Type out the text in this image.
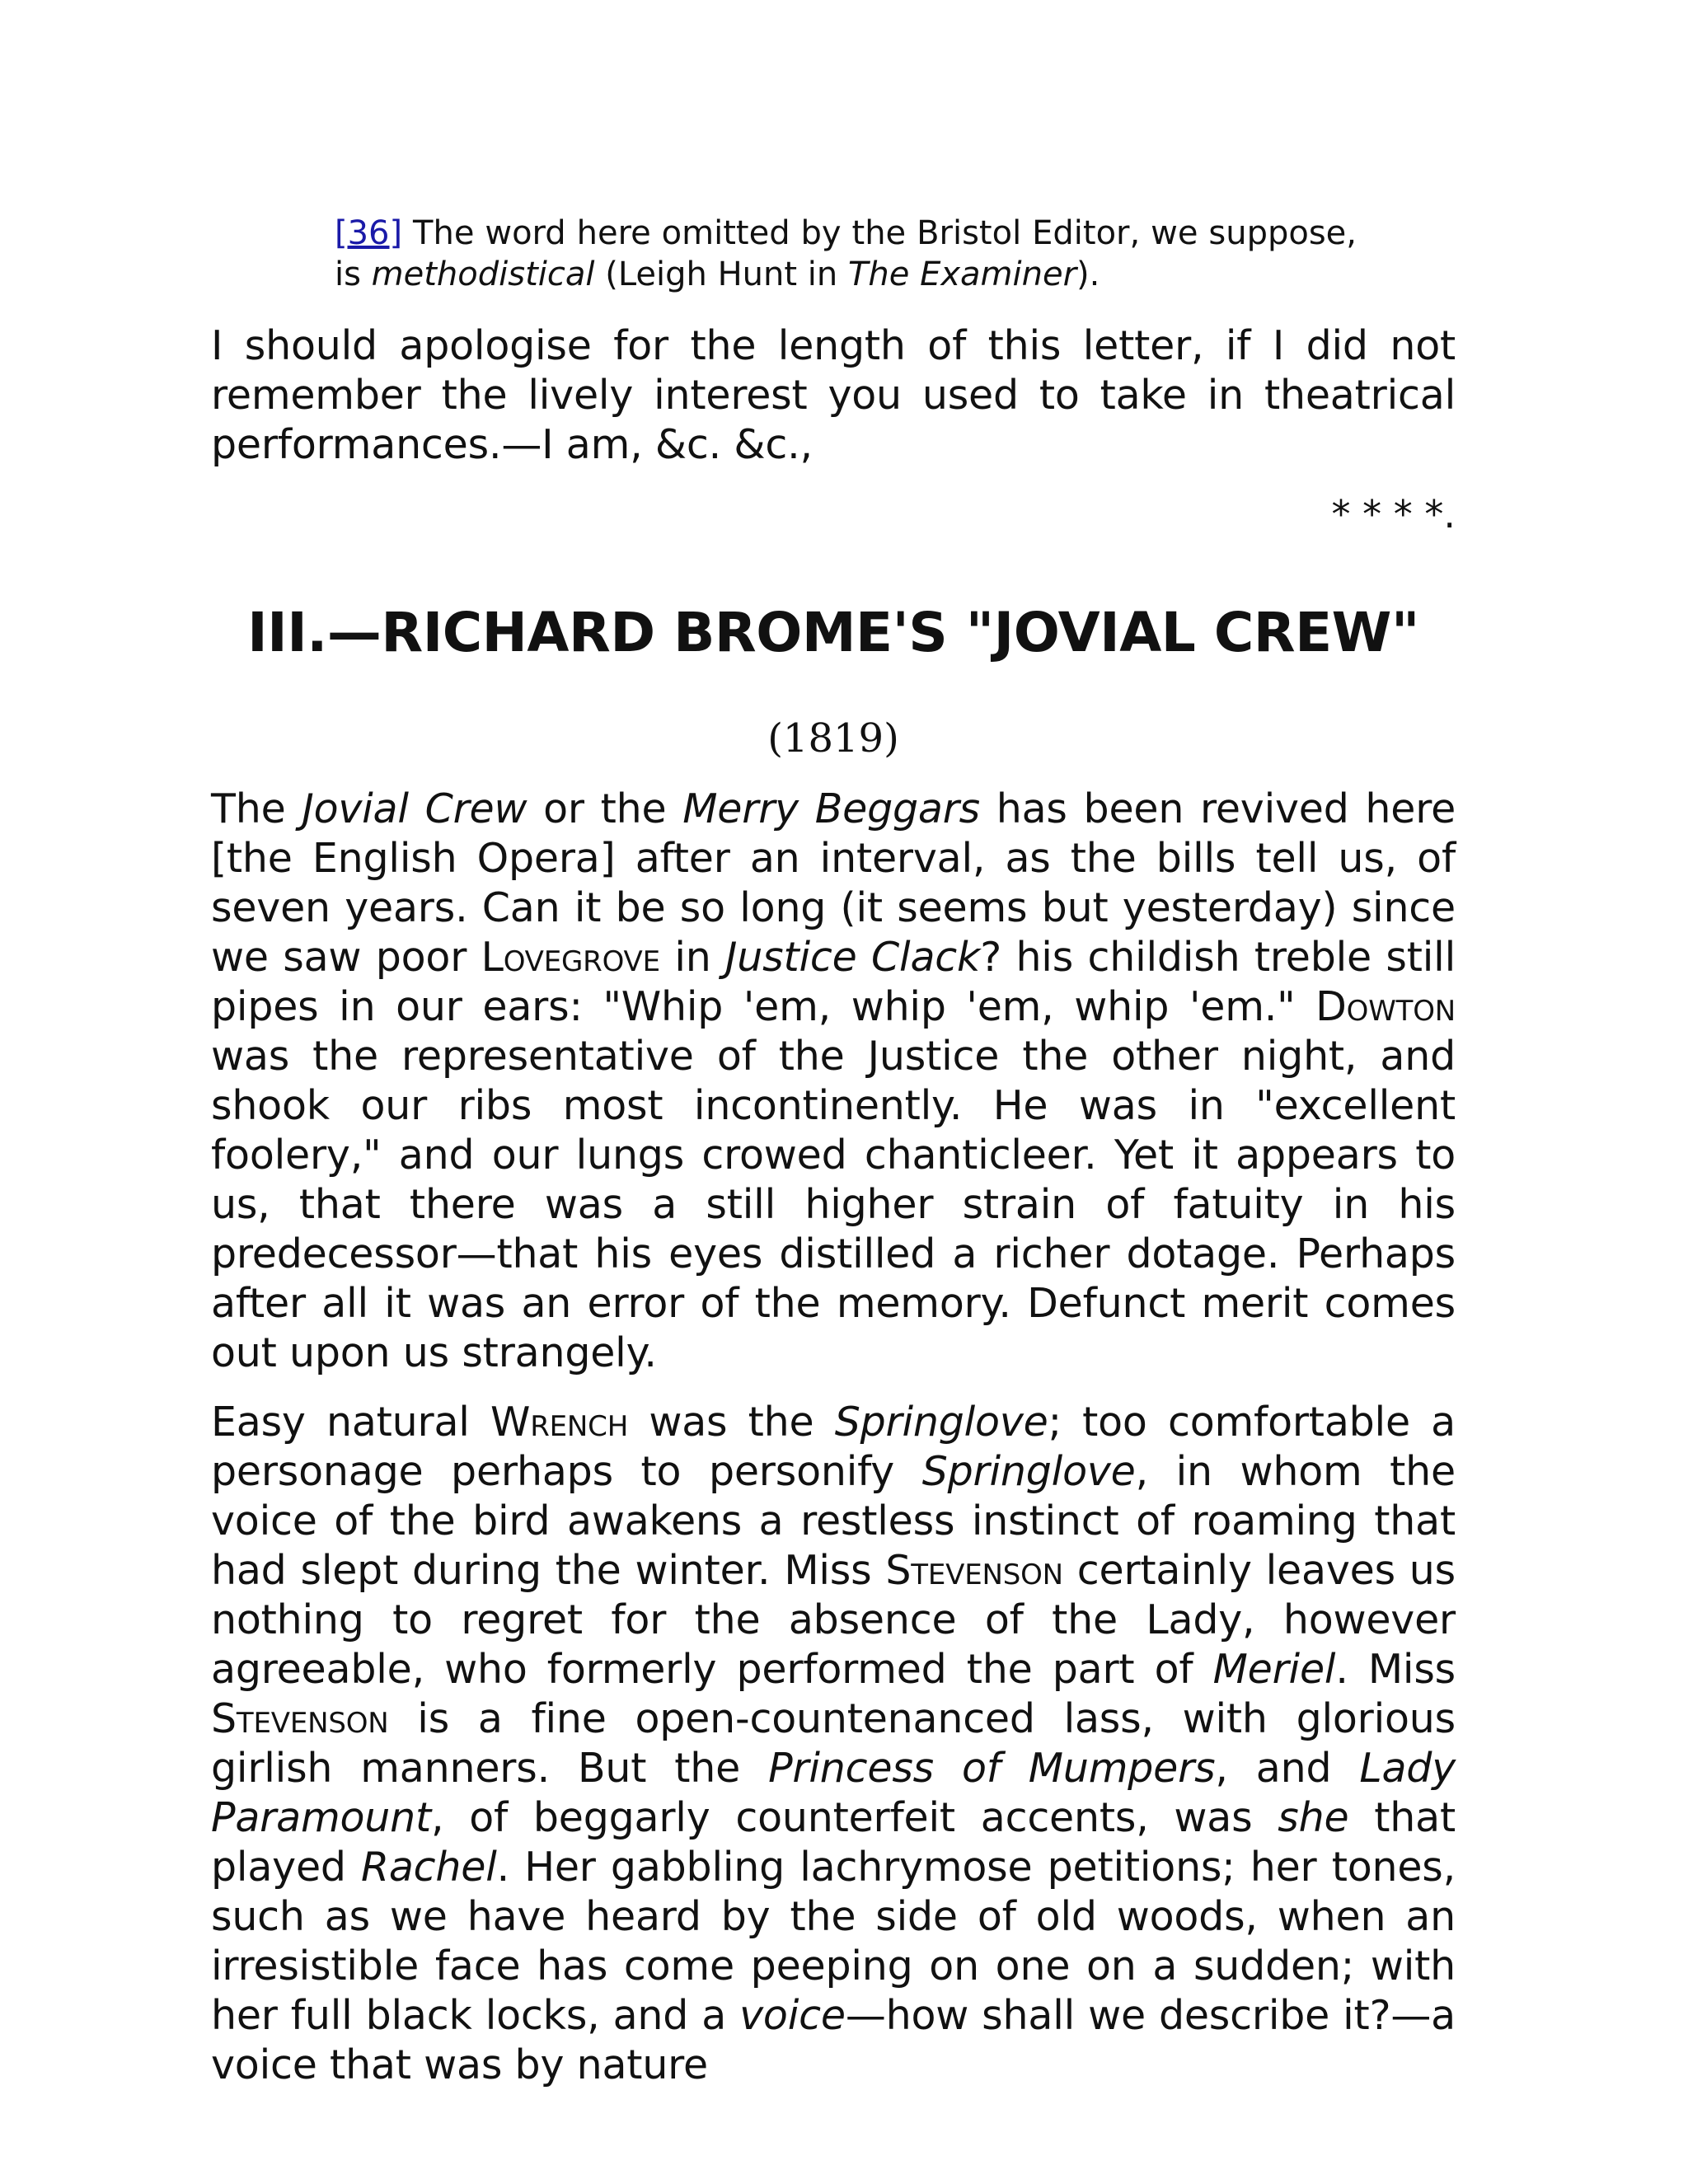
[36] The word here omitted by the Bristol Editor, we suppose, is methodistical (Leigh Hunt in The Examiner).

I should apologise for the length of this letter, if I did not remember the lively interest you used to take in theatrical performances.—I am, &c. &c.,

* * * *.
III.—RICHARD BROME'S "JOVIAL CREW"
(1819)

The Jovial Crew or the Merry Beggars has been revived here [the English Opera] after an interval, as the bills tell us, of seven years. Can it be so long (it seems but yesterday) since we saw poor Lovegrove in Justice Clack? his childish treble still pipes in our ears: "Whip 'em, whip 'em, whip 'em." Dowton was the representative of the Justice the other night, and shook our ribs most incontinently. He was in "excellent foolery," and our lungs crowed chanticleer. Yet it appears to us, that there was a still higher strain of fatuity in his predecessor—that his eyes distilled a richer dotage. Perhaps after all it was an error of the memory. Defunct merit comes out upon us strangely.

Easy natural Wrench was the Springlove; too comfortable a personage perhaps to personify Springlove, in whom the voice of the bird awakens a restless instinct of roaming that had slept during the winter. Miss Stevenson certainly leaves us nothing to regret for the absence of the Lady, however agreeable, who formerly performed the part of Meriel. Miss Stevenson is a fine open-countenanced lass, with glorious girlish manners. But the Princess of Mumpers, and Lady Paramount, of beggarly counterfeit accents, was she that played Rachel. Her gabbling lachrymose petitions; her tones, such as we have heard by the side of old woods, when an irresistible face has come peeping on one on a sudden; with her full black locks, and a voice—how shall we describe it?—a voice that was by nature
